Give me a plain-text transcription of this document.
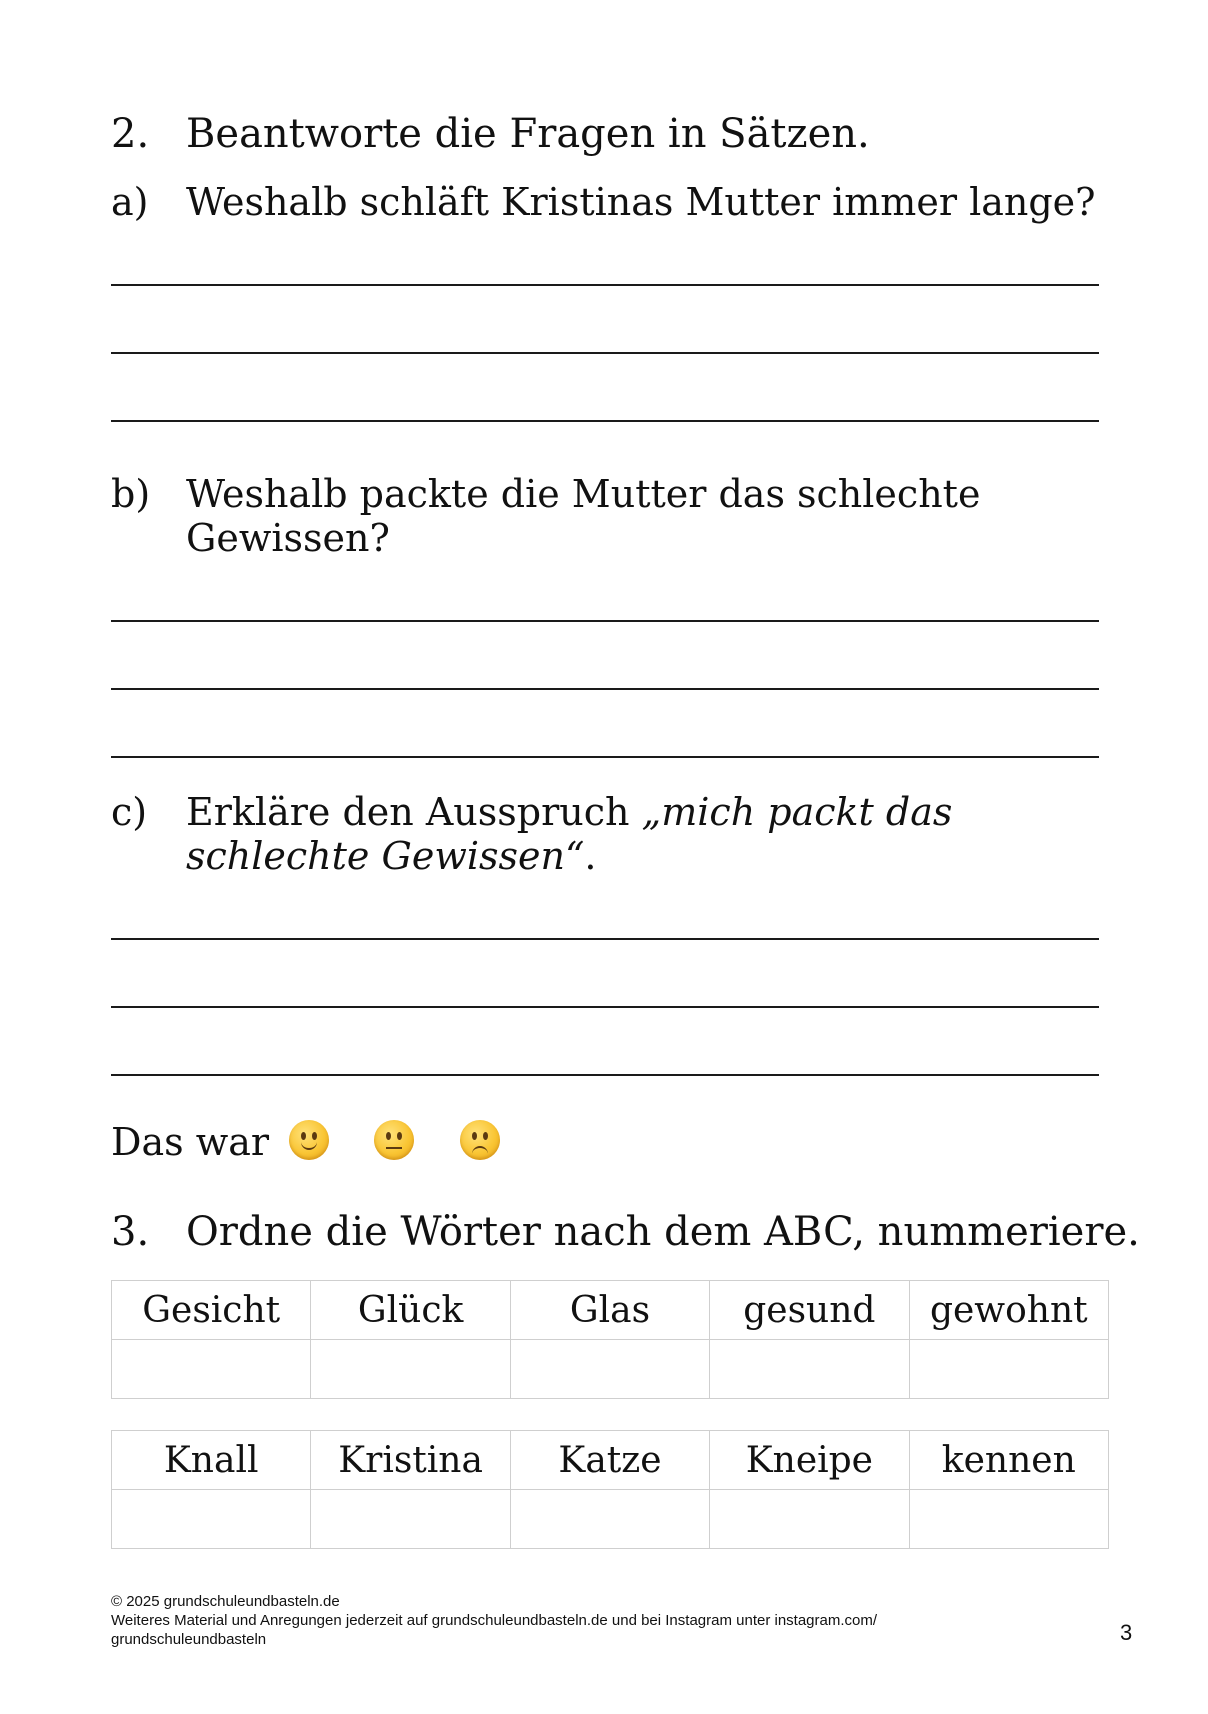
2. Beantworte die Fragen in Sätzen.
a) Weshalb schläft Kristinas Mutter immer lange?
b) Weshalb packte die Mutter das schlechte Gewissen?
c) Erkläre den Ausspruch „mich packt das schlechte Gewissen“.
Das war
3. Ordne die Wörter nach dem ABC, nummeriere.
Gesicht	Glück	Glas	gesund	gewohnt

Knall	Kristina	Katze	Kneipe	kennen

© 2025 grundschuleundbasteln.de
Weiteres Material und Anregungen jederzeit auf grundschuleundbasteln.de und bei Instagram unter instagram.com/ grundschuleundbasteln	3
